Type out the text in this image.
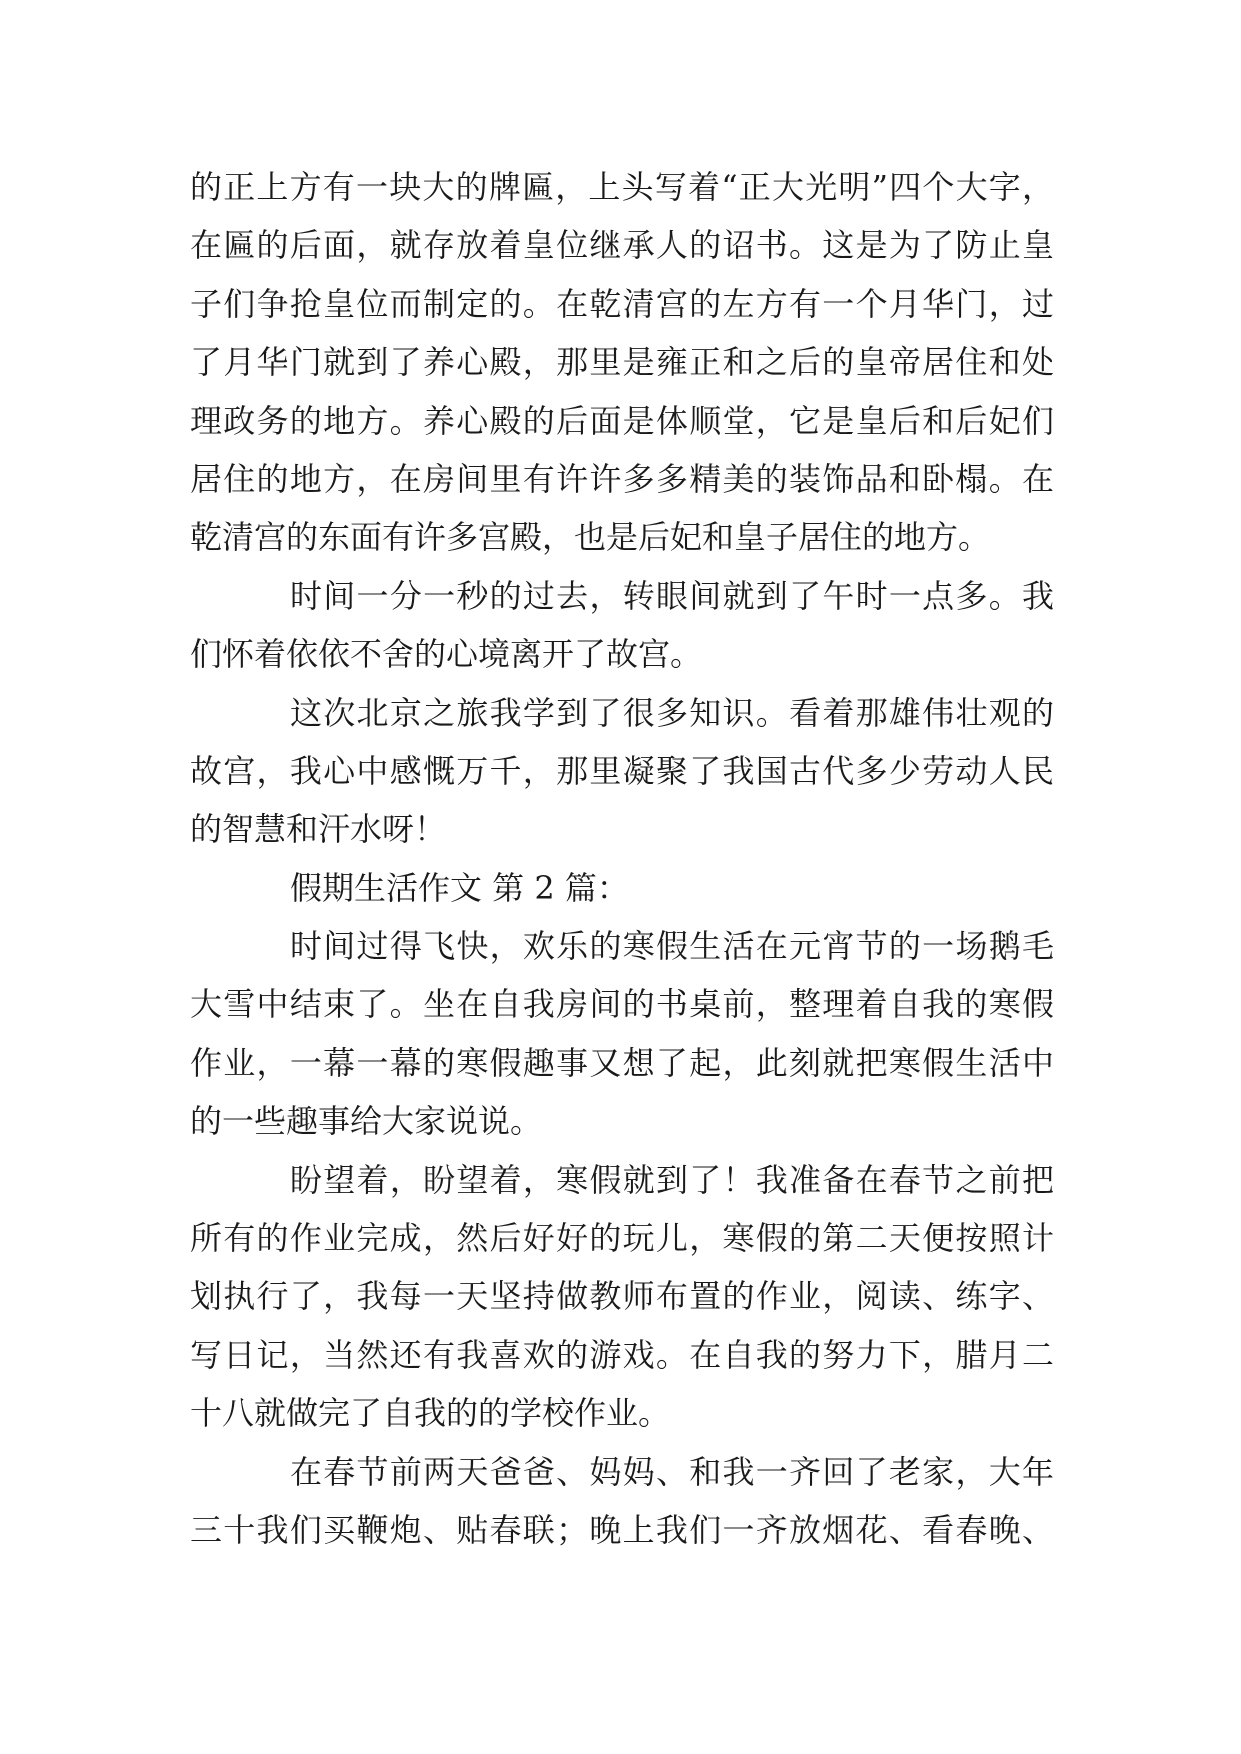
的正上方有一块大的牌匾，上头写着“正大光明”四个大字，
在匾的后面，就存放着皇位继承人的诏书。这是为了防止皇
子们争抢皇位而制定的。在乾清宫的左方有一个月华门，过
了月华门就到了养心殿，那里是雍正和之后的皇帝居住和处
理政务的地方。养心殿的后面是体顺堂，它是皇后和后妃们
居住的地方，在房间里有许许多多精美的装饰品和卧榻。在
乾清宫的东面有许多宫殿，也是后妃和皇子居住的地方。
时间一分一秒的过去，转眼间就到了午时一点多。我
们怀着依依不舍的心境离开了故宫。
这次北京之旅我学到了很多知识。看着那雄伟壮观的
故宫，我心中感慨万千，那里凝聚了我国古代多少劳动人民
的智慧和汗水呀！
假期生活作文 第 2 篇：
时间过得飞快，欢乐的寒假生活在元宵节的一场鹅毛
大雪中结束了。坐在自我房间的书桌前，整理着自我的寒假
作业，一幕一幕的寒假趣事又想了起，此刻就把寒假生活中
的一些趣事给大家说说。
盼望着，盼望着，寒假就到了！我准备在春节之前把
所有的作业完成，然后好好的玩儿，寒假的第二天便按照计
划执行了，我每一天坚持做教师布置的作业，阅读、练字、
写日记，当然还有我喜欢的游戏。在自我的努力下，腊月二
十八就做完了自我的的学校作业。
在春节前两天爸爸、妈妈、和我一齐回了老家，大年
三十我们买鞭炮、贴春联；晚上我们一齐放烟花、看春晚、
